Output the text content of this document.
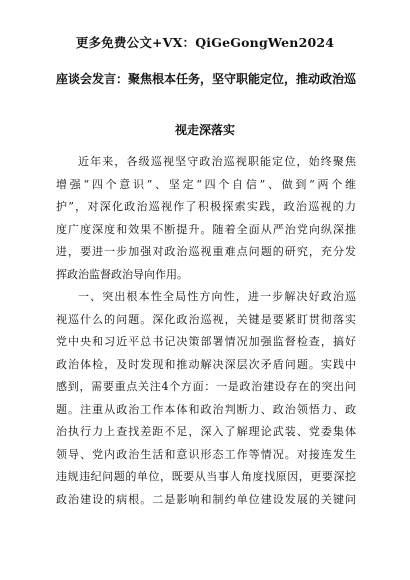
更多免费公文+VX：QiGeGongWen2024
座谈会发言：聚焦根本任务，坚守职能定位，推动政治巡
视走深落实
近年来，各级巡视坚守政治巡视职能定位，始终聚焦
增强“四个意识”、坚定“四个自信”、做到“两个维
护”，对深化政治巡视作了积极探索实践，政治巡视的力
度广度深度和效果不断提升。随着全面从严治党向纵深推
进，要进一步加强对政治巡视重难点问题的研究，充分发
挥政治监督政治导向作用。
一、突出根本性全局性方向性，进一步解决好政治巡
视巡什么的问题。深化政治巡视，关键是要紧盯贯彻落实
党中央和习近平总书记决策部署情况加强监督检查，搞好
政治体检，及时发现和推动解决深层次矛盾问题。实践中
感到，需要重点关注4个方面：一是政治建设存在的突出问
题。注重从政治工作本体和政治判断力、政治领悟力、政
治执行力上查找差距不足，深入了解理论武装、党委集体
领导、党内政治生活和意识形态工作等情况。对接连发生
违规违纪问题的单位，既要从当事人角度找原因，更要深挖
政治建设的病根。二是影响和制约单位建设发展的关键问
